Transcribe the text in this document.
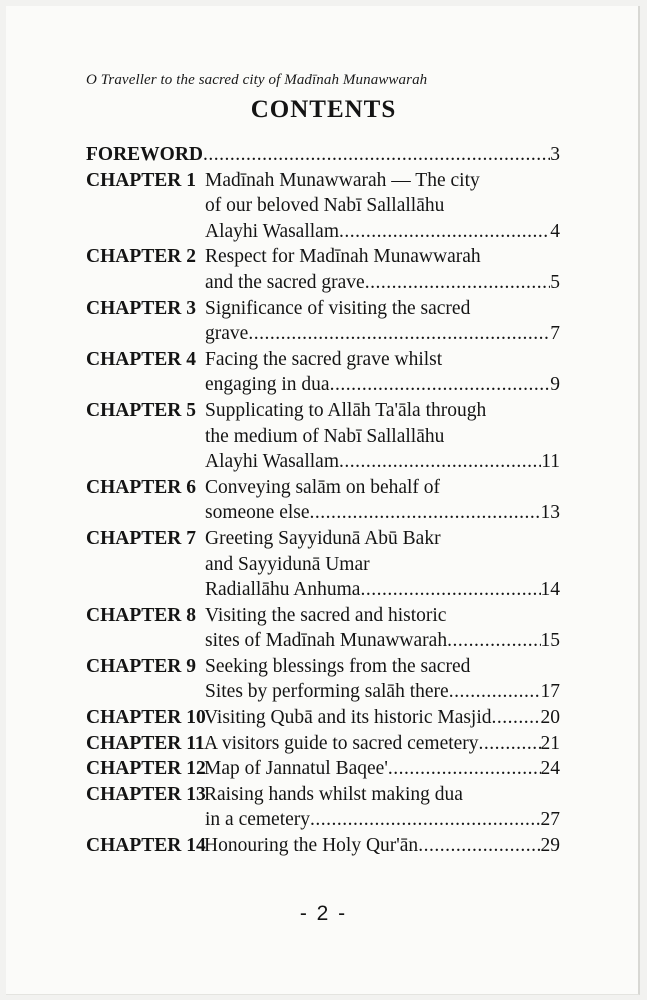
O Traveller to the sacred city of Madīnah Munawwarah
CONTENTS
FOREWORD .....	3
CHAPTER 1 Madīnah Munawwarah — The city
of our beloved Nabī Sallallāhu
Alayhi Wasallam .....	4
CHAPTER 2 Respect for Madīnah Munawwarah
and the sacred grave .....	5
CHAPTER 3 Significance of visiting the sacred
grave .....	7
CHAPTER 4 Facing the sacred grave whilst
engaging in dua .....	9
CHAPTER 5 Supplicating to Allāh Ta'āla through
the medium of Nabī Sallallāhu
Alayhi Wasallam .....	11
CHAPTER 6 Conveying salām on behalf of
someone else .....	13
CHAPTER 7 Greeting Sayyidunā Abū Bakr
and Sayyidunā Umar
Radiallāhu Anhuma .....	14
CHAPTER 8 Visiting the sacred and historic
sites of Madīnah Munawwarah .....	15
CHAPTER 9 Seeking blessings from the sacred
Sites by performing salāh there .....	17
CHAPTER 10
Visiting Qubā and its historic Masjid .....	20
CHAPTER 11 A visitors guide to sacred cemetery .....	21
CHAPTER 12
Map of Jannatul Baqee' .....	24
CHAPTER 13
Raising hands whilst making dua
in a cemetery .....	27
CHAPTER 14
Honouring the Holy Qur'ān .....	29
- 2 -
